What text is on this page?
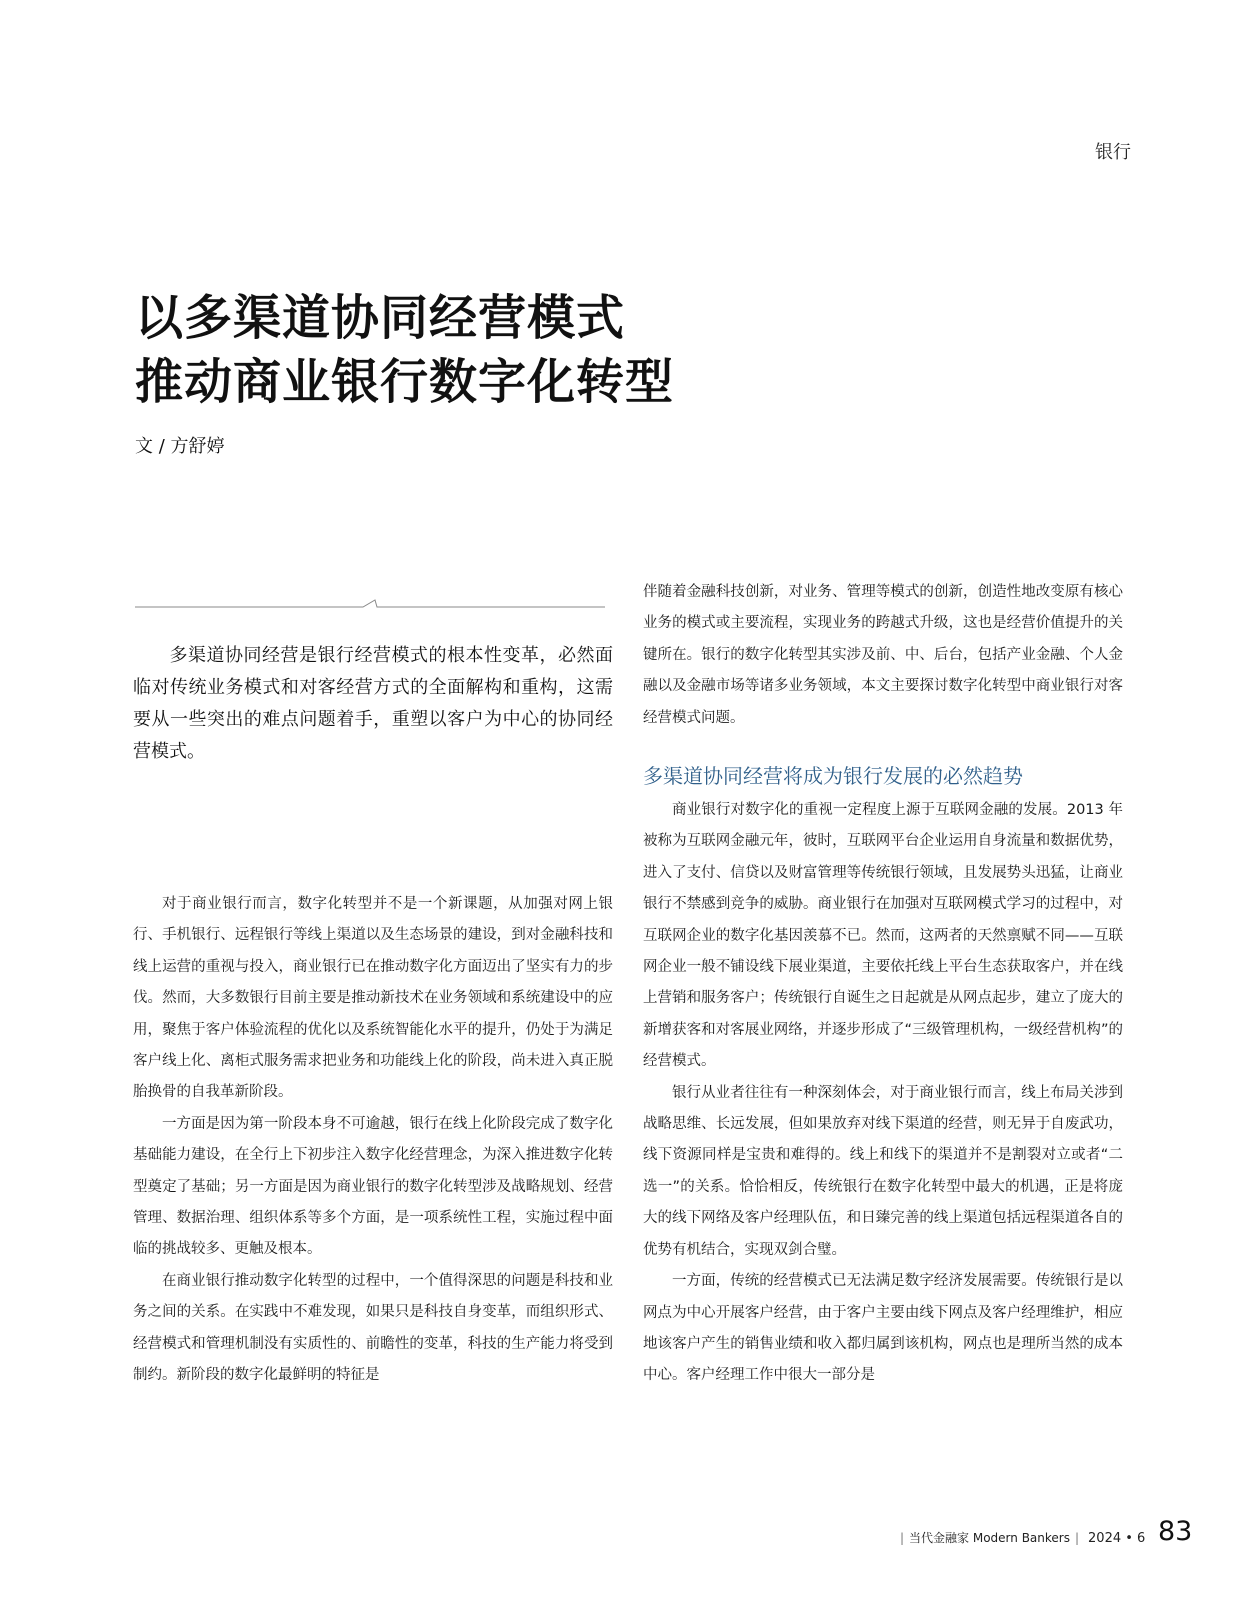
银行
以多渠道协同经营模式
推动商业银行数字化转型
文 / 方舒婷
多渠道协同经营是银行经营模式的根本性变革，必然面临对传统业务模式和对客经营方式的全面解构和重构，这需要从一些突出的难点问题着手，重塑以客户为中心的协同经营模式。

对于商业银行而言，数字化转型并不是一个新课题，从加强对网上银行、手机银行、远程银行等线上渠道以及生态场景的建设，到对金融科技和线上运营的重视与投入，商业银行已在推动数字化方面迈出了坚实有力的步伐。然而，大多数银行目前主要是推动新技术在业务领域和系统建设中的应用，聚焦于客户体验流程的优化以及系统智能化水平的提升，仍处于为满足客户线上化、离柜式服务需求把业务和功能线上化的阶段，尚未进入真正脱胎换骨的自我革新阶段。

一方面是因为第一阶段本身不可逾越，银行在线上化阶段完成了数字化基础能力建设，在全行上下初步注入数字化经营理念，为深入推进数字化转型奠定了基础；另一方面是因为商业银行的数字化转型涉及战略规划、经营管理、数据治理、组织体系等多个方面，是一项系统性工程，实施过程中面临的挑战较多、更触及根本。

在商业银行推动数字化转型的过程中，一个值得深思的问题是科技和业务之间的关系。在实践中不难发现，如果只是科技自身变革，而组织形式、经营模式和管理机制没有实质性的、前瞻性的变革，科技的生产能力将受到制约。新阶段的数字化最鲜明的特征是

伴随着金融科技创新，对业务、管理等模式的创新，创造性地改变原有核心业务的模式或主要流程，实现业务的跨越式升级，这也是经营价值提升的关键所在。银行的数字化转型其实涉及前、中、后台，包括产业金融、个人金融以及金融市场等诸多业务领域，本文主要探讨数字化转型中商业银行对客经营模式问题。

多渠道协同经营将成为银行发展的必然趋势

商业银行对数字化的重视一定程度上源于互联网金融的发展。2013 年被称为互联网金融元年，彼时，互联网平台企业运用自身流量和数据优势，进入了支付、信贷以及财富管理等传统银行领域，且发展势头迅猛，让商业银行不禁感到竞争的威胁。商业银行在加强对互联网模式学习的过程中，对互联网企业的数字化基因羡慕不已。然而，这两者的天然禀赋不同——互联网企业一般不铺设线下展业渠道，主要依托线上平台生态获取客户，并在线上营销和服务客户；传统银行自诞生之日起就是从网点起步，建立了庞大的新增获客和对客展业网络，并逐步形成了“三级管理机构，一级经营机构”的经营模式。

银行从业者往往有一种深刻体会，对于商业银行而言，线上布局关涉到战略思维、长远发展，但如果放弃对线下渠道的经营，则无异于自废武功，线下资源同样是宝贵和难得的。线上和线下的渠道并不是割裂对立或者“二选一”的关系。恰恰相反，传统银行在数字化转型中最大的机遇，正是将庞大的线下网络及客户经理队伍，和日臻完善的线上渠道包括远程渠道各自的优势有机结合，实现双剑合璧。

一方面，传统的经营模式已无法满足数字经济发展需要。传统银行是以网点为中心开展客户经营，由于客户主要由线下网点及客户经理维护，相应地该客户产生的销售业绩和收入都归属到该机构，网点也是理所当然的成本中心。客户经理工作中很大一部分是

| 当代金融家 Modern Bankers | 2024 • 6 83
